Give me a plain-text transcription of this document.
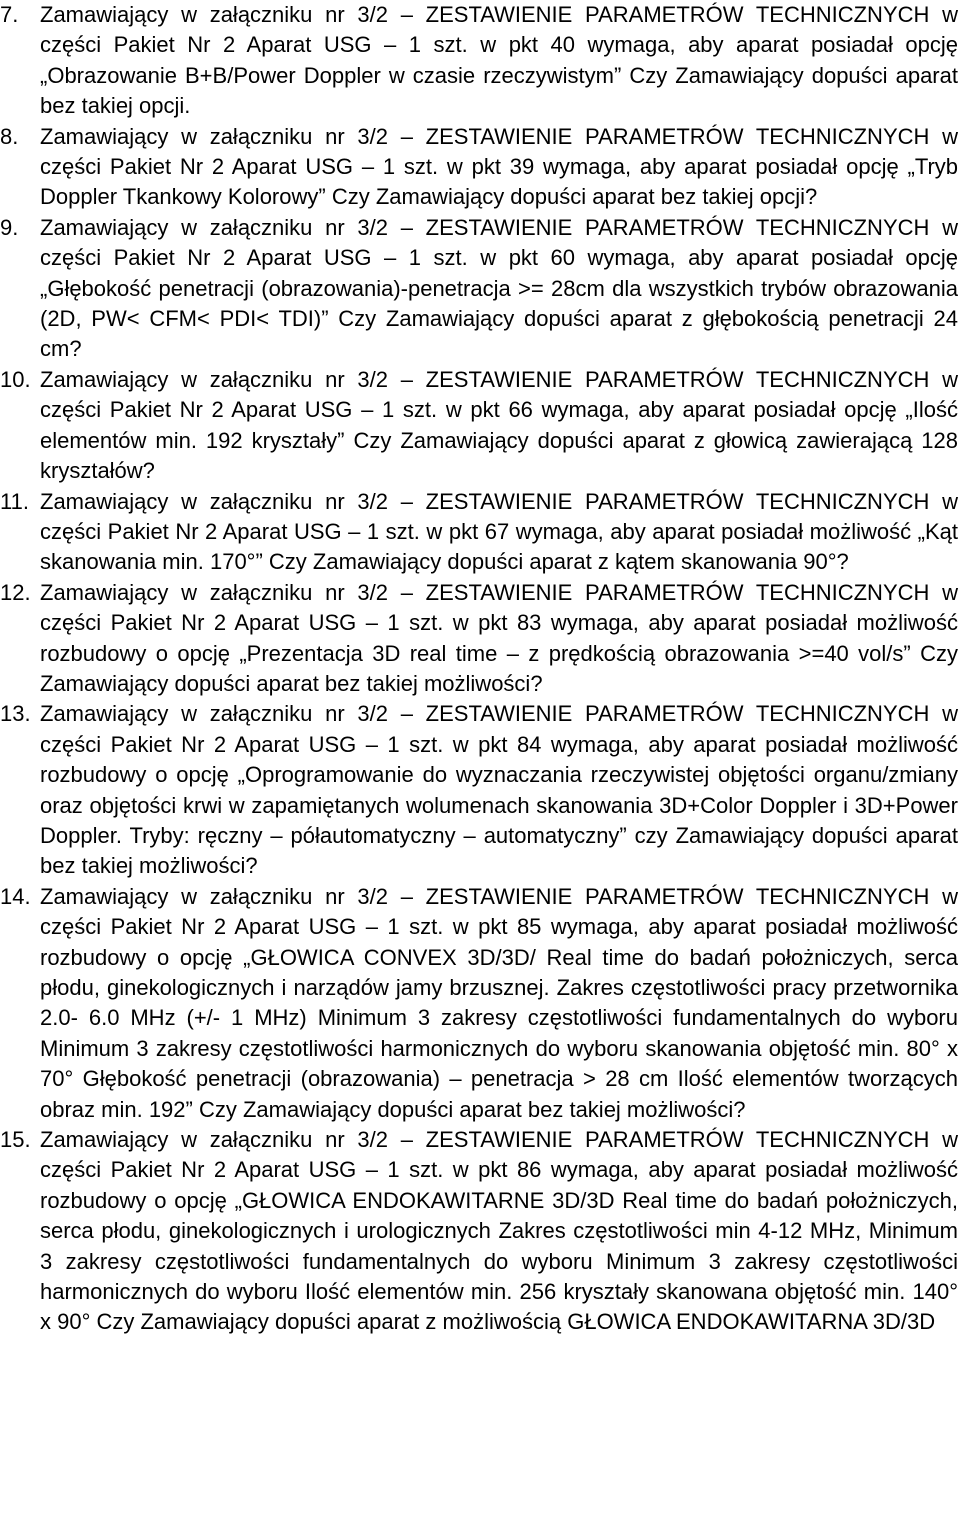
7. Zamawiający w załączniku nr 3/2 – ZESTAWIENIE PARAMETRÓW TECHNICZNYCH w części Pakiet Nr 2 Aparat USG – 1 szt. w pkt 40 wymaga, aby aparat posiadał opcję „Obrazowanie B+B/Power Doppler w czasie rzeczywistym” Czy Zamawiający dopuści aparat bez takiej opcji.
8. Zamawiający w załączniku nr 3/2 – ZESTAWIENIE PARAMETRÓW TECHNICZNYCH w części Pakiet Nr 2 Aparat USG – 1 szt. w pkt 39 wymaga, aby aparat posiadał opcję „Tryb Doppler Tkankowy Kolorowy” Czy Zamawiający dopuści aparat bez takiej opcji?
9. Zamawiający w załączniku nr 3/2 – ZESTAWIENIE PARAMETRÓW TECHNICZNYCH w części Pakiet Nr 2 Aparat USG – 1 szt. w pkt 60 wymaga, aby aparat posiadał opcję „Głębokość penetracji (obrazowania)-penetracja >= 28cm dla wszystkich trybów obrazowania (2D, PW< CFM< PDI< TDI)” Czy Zamawiający dopuści aparat z głębokością penetracji 24 cm?
10. Zamawiający w załączniku nr 3/2 – ZESTAWIENIE PARAMETRÓW TECHNICZNYCH w części Pakiet Nr 2 Aparat USG – 1 szt. w pkt 66 wymaga, aby aparat posiadał opcję „Ilość elementów min. 192 kryształy” Czy Zamawiający dopuści aparat z głowicą zawierającą 128 kryształów?
11. Zamawiający w załączniku nr 3/2 – ZESTAWIENIE PARAMETRÓW TECHNICZNYCH w części Pakiet Nr 2 Aparat USG – 1 szt. w pkt 67 wymaga, aby aparat posiadał możliwość „Kąt skanowania min. 170°” Czy Zamawiający dopuści aparat z kątem skanowania 90°?
12. Zamawiający w załączniku nr 3/2 – ZESTAWIENIE PARAMETRÓW TECHNICZNYCH w części Pakiet Nr 2 Aparat USG – 1 szt. w pkt 83 wymaga, aby aparat posiadał możliwość rozbudowy o opcję „Prezentacja 3D real time – z prędkością obrazowania >=40 vol/s” Czy Zamawiający dopuści aparat bez takiej możliwości?
13. Zamawiający w załączniku nr 3/2 – ZESTAWIENIE PARAMETRÓW TECHNICZNYCH w części Pakiet Nr 2 Aparat USG – 1 szt. w pkt 84 wymaga, aby aparat posiadał możliwość rozbudowy o opcję „Oprogramowanie do wyznaczania rzeczywistej objętości organu/zmiany oraz objętości krwi w zapamiętanych wolumenach skanowania 3D+Color Doppler i 3D+Power Doppler. Tryby: ręczny – półautomatyczny – automatyczny” czy Zamawiający dopuści aparat bez takiej możliwości?
14. Zamawiający w załączniku nr 3/2 – ZESTAWIENIE PARAMETRÓW TECHNICZNYCH w części Pakiet Nr 2 Aparat USG – 1 szt. w pkt 85 wymaga, aby aparat posiadał możliwość rozbudowy o opcję „GŁOWICA CONVEX 3D/3D/ Real time do badań położniczych, serca płodu, ginekologicznych i narządów jamy brzusznej. Zakres częstotliwości pracy przetwornika 2.0- 6.0 MHz (+/- 1 MHz) Minimum 3 zakresy częstotliwości fundamentalnych do wyboru Minimum 3 zakresy częstotliwości harmonicznych do wyboru skanowania objętość min. 80° x 70° Głębokość penetracji (obrazowania) – penetracja > 28 cm Ilość elementów tworzących obraz min. 192” Czy Zamawiający dopuści aparat bez takiej możliwości?
15. Zamawiający w załączniku nr 3/2 – ZESTAWIENIE PARAMETRÓW TECHNICZNYCH w części Pakiet Nr 2 Aparat USG – 1 szt. w pkt 86 wymaga, aby aparat posiadał możliwość rozbudowy o opcję „GŁOWICA ENDOKAWITARNE 3D/3D Real time do badań położniczych, serca płodu, ginekologicznych i urologicznych Zakres częstotliwości min 4-12 MHz, Minimum 3 zakresy częstotliwości fundamentalnych do wyboru Minimum 3 zakresy częstotliwości harmonicznych do wyboru Ilość elementów min. 256 kryształy skanowana objętość min. 140° x 90° Czy Zamawiający dopuści aparat z możliwością GŁOWICA ENDOKAWITARNA 3D/3D
